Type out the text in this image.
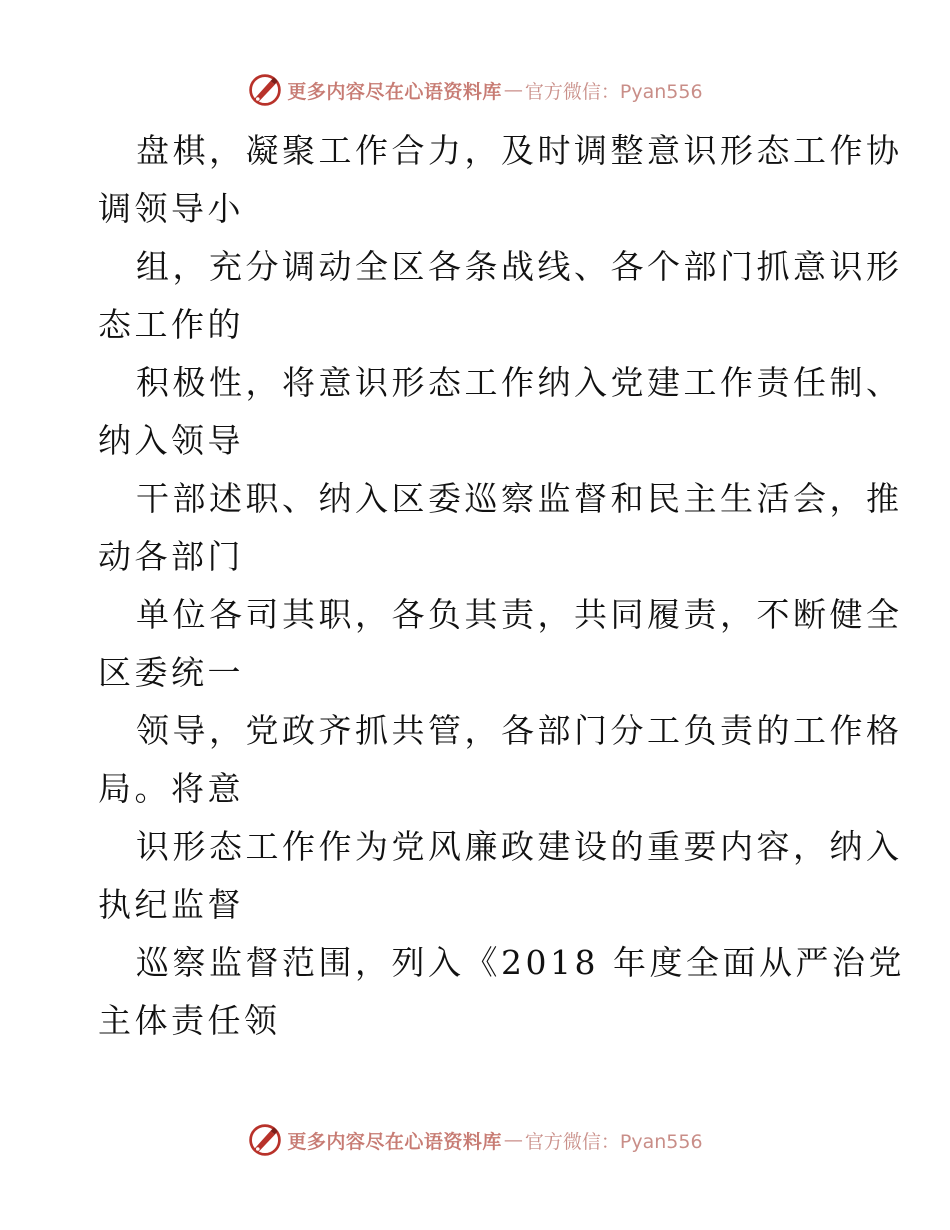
更多内容尽在心语资料库 — 官方微信：Pyan556
盘棋，凝聚工作合力，及时调整意识形态工作协
调领导小
组，充分调动全区各条战线、各个部门抓意识形
态工作的
积极性，将意识形态工作纳入党建工作责任制、
纳入领导
干部述职、纳入区委巡察监督和民主生活会，推
动各部门
单位各司其职，各负其责，共同履责，不断健全
区委统一
领导，党政齐抓共管，各部门分工负责的工作格
局。将意
识形态工作作为党风廉政建设的重要内容，纳入
执纪监督
巡察监督范围，列入《2018 年度全面从严治党
主体责任领
更多内容尽在心语资料库 — 官方微信：Pyan556
